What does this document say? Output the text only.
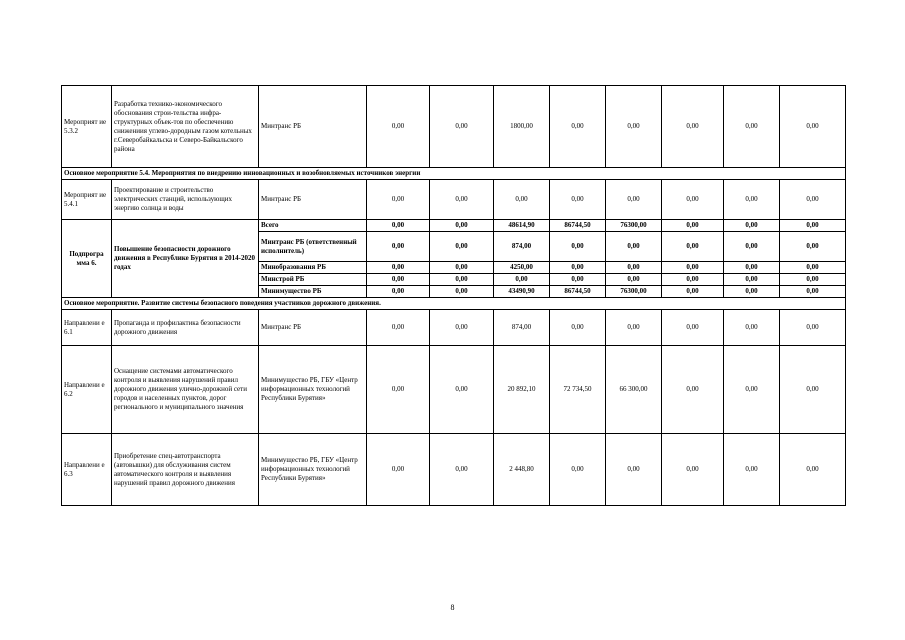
Мероприят ие 5.3.2	Разработка технико-экономического обоснования строи-тельства инфра-структурных объек-тов по обеспечению снижениия углево-дородным газом котельных г.Северобайкальска и Северо-Байкальского района	Минтранс РБ	0,00	0,00	1800,00	0,00	0,00	0,00	0,00	0,00
Основное мероприятие 5.4. Мероприятия по внедрению инновационных и возобновляемых источников энергии										
Мероприят ие 5.4.1	Проектирование и строительство электрических станций, использующих энергию солнца и воды	Минтранс РБ	0,00	0,00	0,00	0,00	0,00	0,00	0,00	0,00
Подпрогра мма 6.	Повышение безопасности дорожного движения в Республике Бурятия в 2014-2020 годах	Всего	0,00	0,00	48614,90	86744,50	76300,00	0,00	0,00	0,00
		Минтранс РБ (ответственный исполнитель)	0,00	0,00	874,00	0,00	0,00	0,00	0,00	0,00
		Минобразования РБ	0,00	0,00	4250,00	0,00	0,00	0,00	0,00	0,00
		Минстрой РБ	0,00	0,00	0,00	0,00	0,00	0,00	0,00	0,00
		Минимущество РБ	0,00	0,00	43490,90	86744,50	76300,00	0,00	0,00	0,00
Основное мероприятие. Развитие системы безопасного поведения участников дорожного движения.										
Направлени е 6.1	Пропаганда и профилактика безопасности дорожного движения	Минтранс РБ	0,00	0,00	874,00	0,00	0,00	0,00	0,00	0,00
Направлени е 6.2	Оснащение системами автоматического контроля и выявления нарушений правил дорожного движения улично-дорожной сети городов и населенных пунктов, дорог регионального и муниципального значения	Минимущество РБ, ГБУ «Центр информационных технологий Республики Бурятия»	0,00	0,00	20 892,10	72 734,50	66 300,00	0,00	0,00	0,00
Направлени е 6.3	Приобретение спец-автотранспорта (автовышки) для обслуживания систем автоматического контроля и выявления нарушений правил дорожного движения	Минимущество РБ, ГБУ «Центр информационных технологий Республики Бурятия»	0,00	0,00	2 448,80	0,00	0,00	0,00	0,00	0,00
8
